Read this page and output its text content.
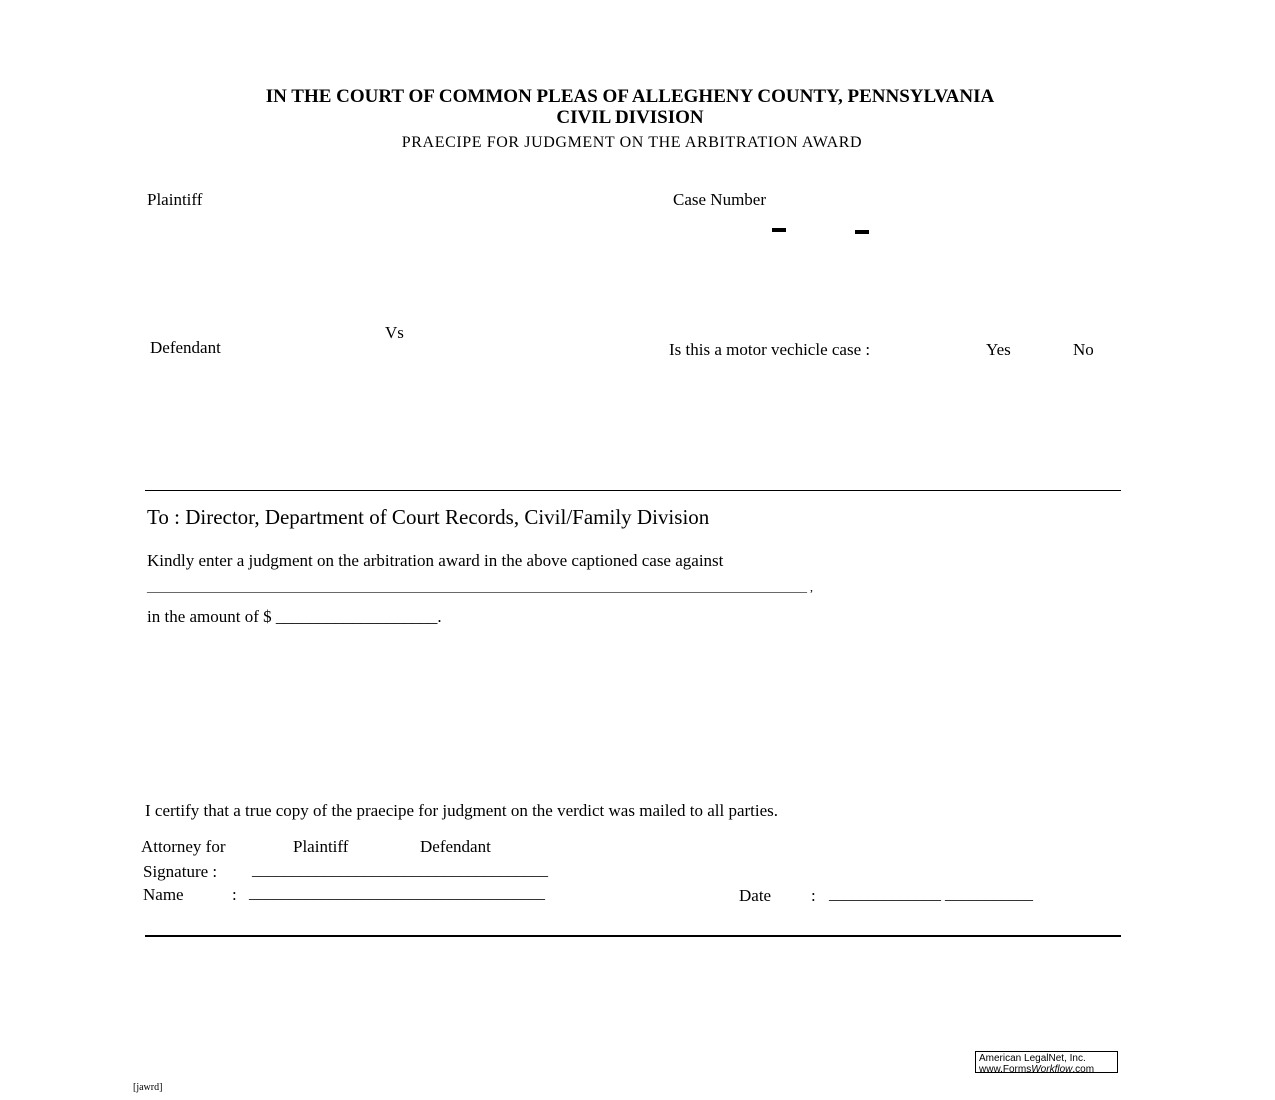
IN THE COURT OF COMMON PLEAS OF ALLEGHENY COUNTY, PENNSYLVANIA
CIVIL DIVISION
PRAECIPE FOR JUDGMENT ON THE ARBITRATION AWARD
Plaintiff	Case Number
Vs
Defendant	Is this a motor vechicle case :	Yes	No
To : Director, Department of Court Records, Civil/Family Division
Kindly enter a judgment on the arbitration award in the above captioned case against
______________________________________________________________________________________________________________ ,
in the amount of $ ___________________.
I certify that a true copy of the praecipe for judgment on the verdict was mailed to all parties.
Attorney for	Plaintiff	Defendant
Signature : _____________________________________
Name	: _____________________________________	Date : ______________ ___________
American LegalNet, Inc.
www.FormsWorkflow.com
[jawrd]
